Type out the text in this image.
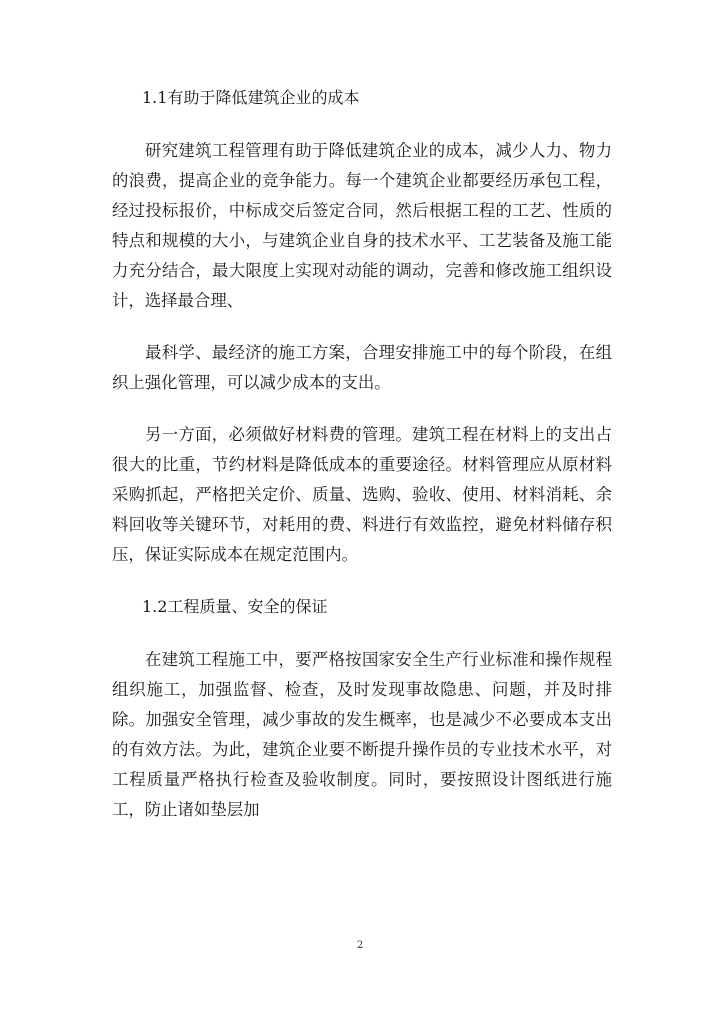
1.1有助于降低建筑企业的成本

研究建筑工程管理有助于降低建筑企业的成本，减少人力、物力的浪费，提高企业的竞争能力。每一个建筑企业都要经历承包工程，经过投标报价，中标成交后签定合同，然后根据工程的工艺、性质的特点和规模的大小，与建筑企业自身的技术水平、工艺装备及施工能力充分结合，最大限度上实现对动能的调动，完善和修改施工组织设计，选择最合理、

最科学、最经济的施工方案，合理安排施工中的每个阶段，在组织上强化管理，可以减少成本的支出。

另一方面，必须做好材料费的管理。建筑工程在材料上的支出占很大的比重，节约材料是降低成本的重要途径。材料管理应从原材料采购抓起，严格把关定价、质量、选购、验收、使用、材料消耗、余料回收等关键环节，对耗用的费、料进行有效监控，避免材料储存积压，保证实际成本在规定范围内。

1.2工程质量、安全的保证

在建筑工程施工中，要严格按国家安全生产行业标准和操作规程组织施工，加强监督、检查，及时发现事故隐患、问题，并及时排除。加强安全管理，减少事故的发生概率，也是减少不必要成本支出的有效方法。为此，建筑企业要不断提升操作员的专业技术水平，对工程质量严格执行检查及验收制度。同时，要按照设计图纸进行施工，防止诸如垫层加

2
